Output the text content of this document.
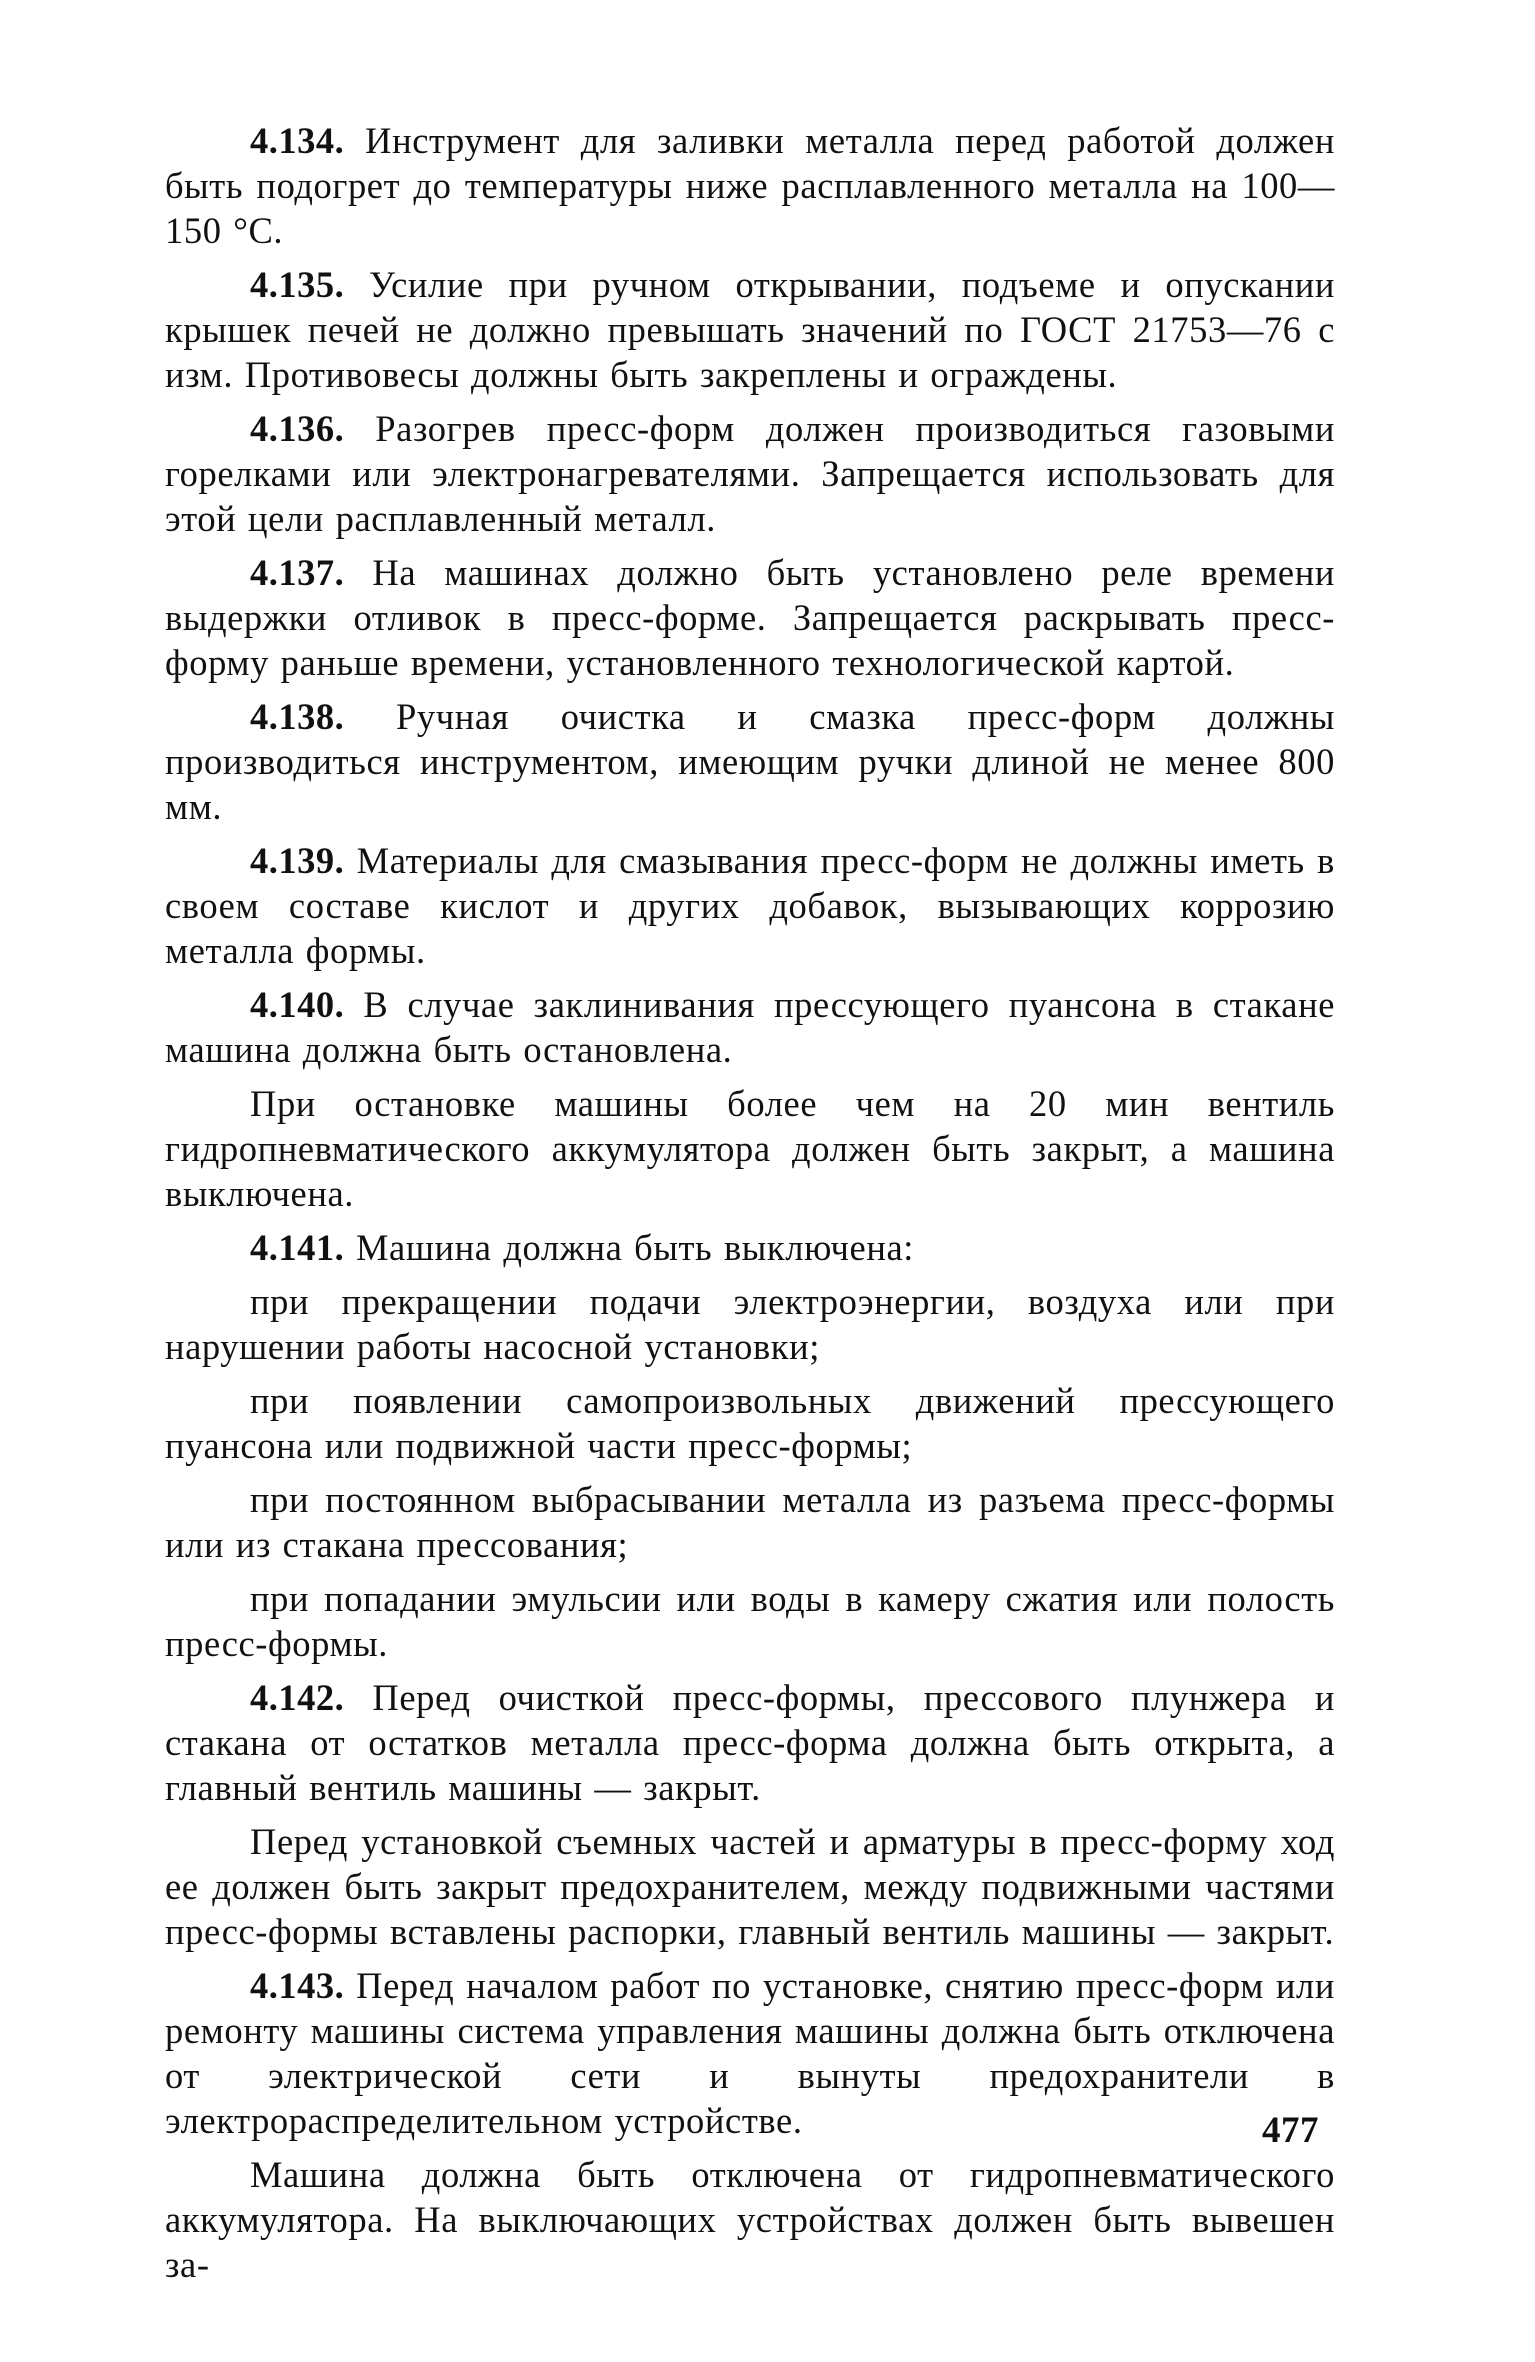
4.134. Инструмент для заливки металла перед работой должен быть подогрет до температуры ниже расплавленного металла на 100—150 °С.

4.135. Усилие при ручном открывании, подъеме и опускании крышек печей не должно превышать значений по ГОСТ 21753—76 с изм. Противовесы должны быть закреплены и ограждены.

4.136. Разогрев пресс-форм должен производиться газовыми горелками или электронагревателями. Запрещается использовать для этой цели расплавленный металл.

4.137. На машинах должно быть установлено реле времени выдержки отливок в пресс-форме. Запрещается раскрывать пресс-форму раньше времени, установленного технологической картой.

4.138. Ручная очистка и смазка пресс-форм должны производиться инструментом, имеющим ручки длиной не менее 800 мм.

4.139. Материалы для смазывания пресс-форм не должны иметь в своем составе кислот и других добавок, вызывающих коррозию металла формы.

4.140. В случае заклинивания прессующего пуансона в стакане машина должна быть остановлена.

При остановке машины более чем на 20 мин вентиль гидропневматического аккумулятора должен быть закрыт, а машина выключена.

4.141. Машина должна быть выключена:

при прекращении подачи электроэнергии, воздуха или при нарушении работы насосной установки;

при появлении самопроизвольных движений прессующего пуансона или подвижной части пресс-формы;

при постоянном выбрасывании металла из разъема пресс-формы или из стакана прессования;

при попадании эмульсии или воды в камеру сжатия или полость пресс-формы.

4.142. Перед очисткой пресс-формы, прессового плунжера и стакана от остатков металла пресс-форма должна быть открыта, а главный вентиль машины — закрыт.

Перед установкой съемных частей и арматуры в пресс-форму ход ее должен быть закрыт предохранителем, между подвижными частями пресс-формы вставлены распорки, главный вентиль машины — закрыт.

4.143. Перед началом работ по установке, снятию пресс-форм или ремонту машины система управления машины должна быть отключена от электрической сети и вынуты предохранители в электрораспределительном устройстве.

Машина должна быть отключена от гидропневматического аккумулятора. На выключающих устройствах должен быть вывешен за-

477
